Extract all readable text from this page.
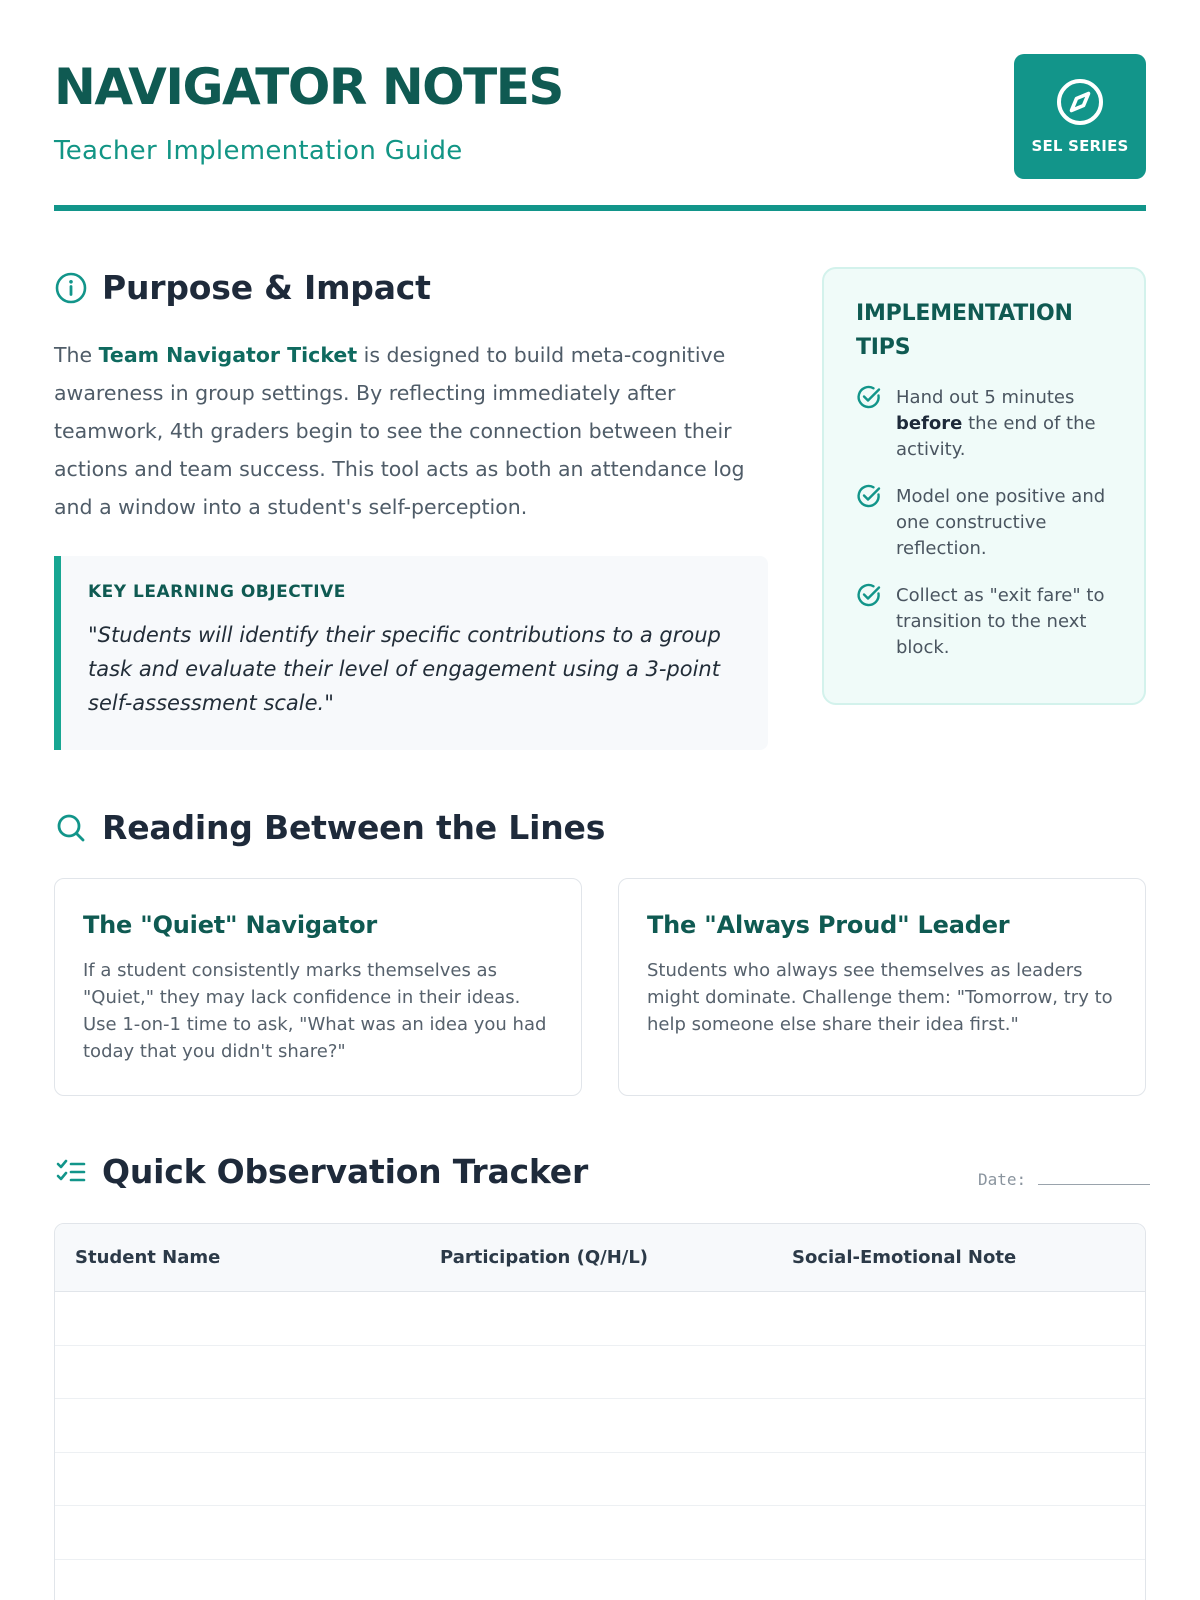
NAVIGATOR NOTES
Teacher Implementation Guide	SEL SERIES
Purpose & Impact
The Team Navigator Ticket is designed to build meta-cognitive awareness in group settings. By reflecting immediately after teamwork, 4th graders begin to see the connection between their actions and team success. This tool acts as both an attendance log and a window into a student's self-perception.
KEY LEARNING OBJECTIVE
"Students will identify their specific contributions to a group task and evaluate their level of engagement using a 3-point self-assessment scale."
IMPLEMENTATION TIPS
Hand out 5 minutes before the end of the activity.
Model one positive and one constructive reflection.
Collect as "exit fare" to transition to the next block.
Reading Between the Lines
The "Quiet" Navigator

If a student consistently marks themselves as "Quiet," they may lack confidence in their ideas. Use 1-on-1 time to ask, "What was an idea you had today that you didn't share?"

The "Always Proud" Leader

Students who always see themselves as leaders might dominate. Challenge them: "Tomorrow, try to help someone else share their idea first."

Quick Observation Tracker	Date:
Student Name	Participation (Q/H/L)	Social-Emotional Note
